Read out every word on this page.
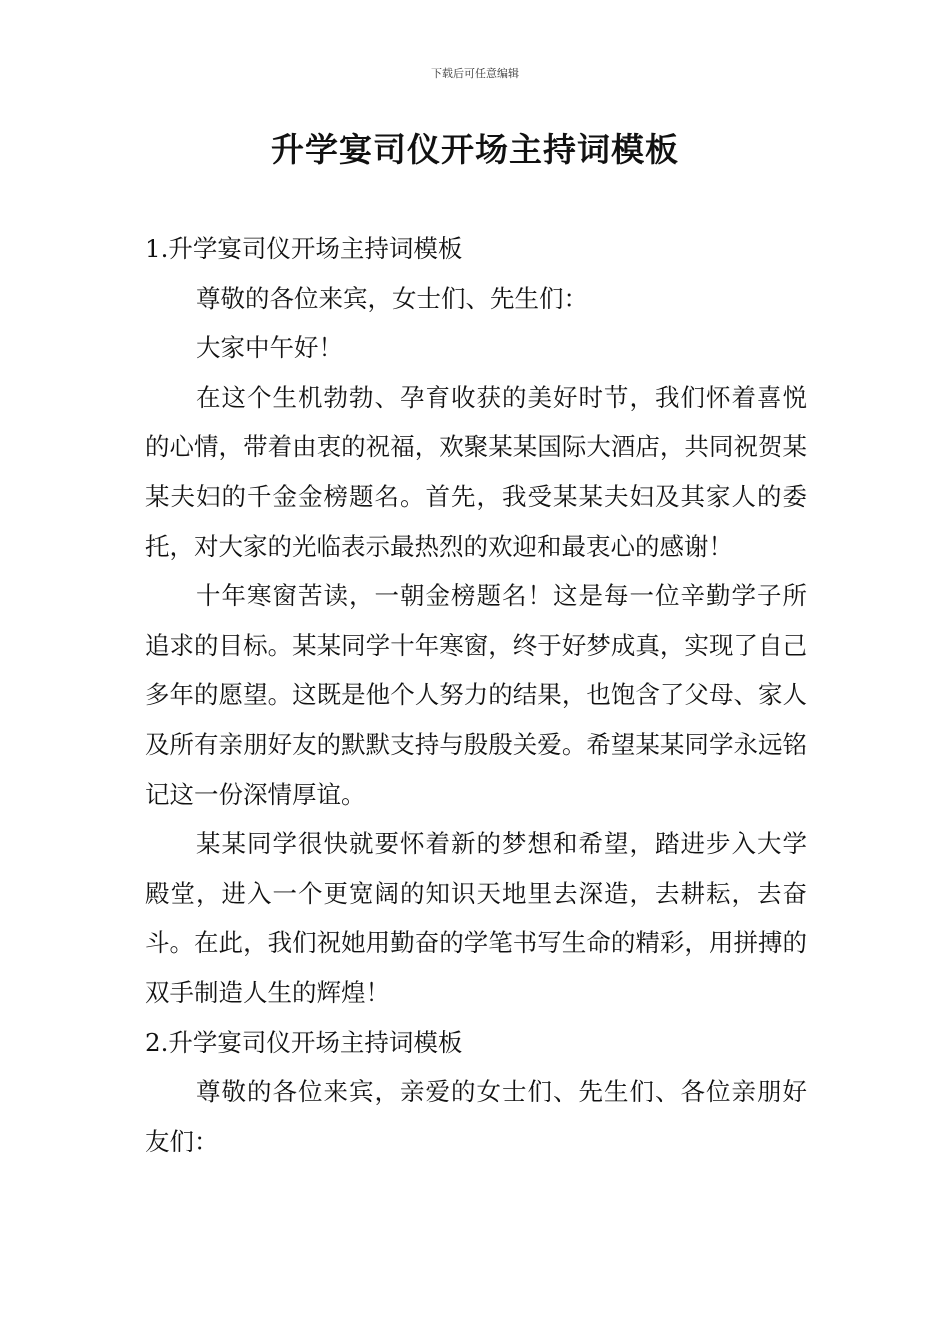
下载后可任意编辑
升学宴司仪开场主持词模板

1.升学宴司仪开场主持词模板

尊敬的各位来宾，女士们、先生们：

大家中午好！

在这个生机勃勃、孕育收获的美好时节，我们怀着喜悦的心情，带着由衷的祝福，欢聚某某国际大酒店，共同祝贺某某夫妇的千金金榜题名。首先，我受某某夫妇及其家人的委托，对大家的光临表示最热烈的欢迎和最衷心的感谢！

十年寒窗苦读，一朝金榜题名！这是每一位辛勤学子所追求的目标。某某同学十年寒窗，终于好梦成真，实现了自己多年的愿望。这既是他个人努力的结果，也饱含了父母、家人及所有亲朋好友的默默支持与殷殷关爱。希望某某同学永远铭记这一份深情厚谊。

某某同学很快就要怀着新的梦想和希望，踏进步入大学殿堂，进入一个更宽阔的知识天地里去深造，去耕耘，去奋斗。在此，我们祝她用勤奋的学笔书写生命的精彩，用拼搏的双手制造人生的辉煌！

2.升学宴司仪开场主持词模板

尊敬的各位来宾，亲爱的女士们、先生们、各位亲朋好友们：
